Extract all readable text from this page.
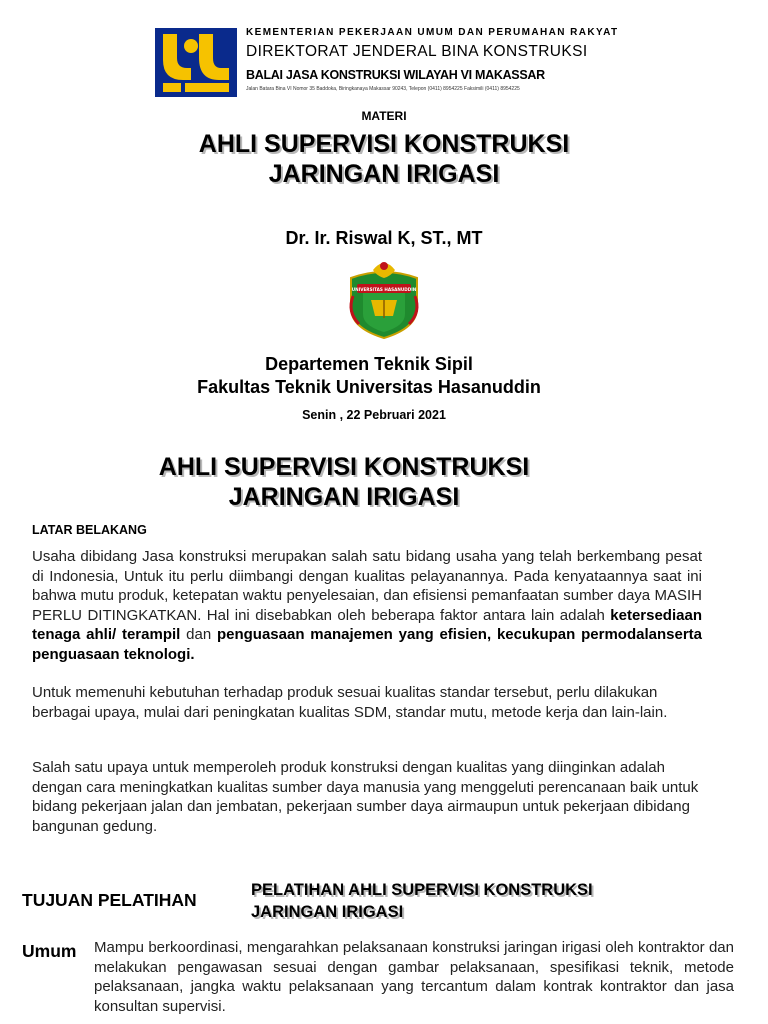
KEMENTERIAN PEKERJAAN UMUM DAN PERUMAHAN RAKYAT
DIREKTORAT JENDERAL BINA KONSTRUKSI
BALAI JASA KONSTRUKSI WILAYAH VI MAKASSAR
Jalan Batara Bina VI Nomor 35 Baddoka, Biringkanaya Makassar 90243, Telepon (0411) 8954225 Faksimili (0411) 8954225
MATERI
AHLI SUPERVISI KONSTRUKSI
JARINGAN IRIGASI
Dr. Ir. Riswal K, ST., MT
UNIVERSITAS HASANUDDIN
Departemen Teknik Sipil
Fakultas Teknik Universitas Hasanuddin
Senin , 22 Pebruari 2021
AHLI SUPERVISI KONSTRUKSI
JARINGAN IRIGASI
LATAR BELAKANG
Usaha dibidang Jasa konstruksi merupakan salah satu bidang usaha yang telah berkembang pesat di Indonesia, Untuk itu perlu diimbangi dengan kualitas pelayanannya. Pada kenyataannya saat ini bahwa mutu produk, ketepatan waktu penyelesaian, dan efisiensi pemanfaatan sumber daya MASIH PERLU DITINGKATKAN. Hal ini disebabkan oleh beberapa faktor antara lain adalah ketersediaan tenaga ahli/ terampil dan penguasaan manajemen yang efisien, kecukupan permodalanserta penguasaan teknologi.
Untuk memenuhi kebutuhan terhadap produk sesuai kualitas standar tersebut, perlu dilakukan berbagai upaya, mulai dari peningkatan kualitas SDM, standar mutu, metode kerja dan lain-lain.
Salah satu upaya untuk memperoleh produk konstruksi dengan kualitas yang diinginkan adalah dengan cara meningkatkan kualitas sumber daya manusia yang menggeluti perencanaan baik untuk bidang pekerjaan jalan dan jembatan, pekerjaan sumber daya airmaupun untuk pekerjaan dibidang bangunan gedung.
TUJUAN PELATIHAN	PELATIHAN AHLI SUPERVISI KONSTRUKSI
JARINGAN IRIGASI
Umum Mampu berkoordinasi, mengarahkan pelaksanaan konstruksi jaringan irigasi oleh kontraktor dan melakukan pengawasan sesuai dengan gambar pelaksanaan, spesifikasi teknik, metode pelaksanaan, jangka waktu pelaksanaan yang tercantum dalam kontrak kontraktor dan jasa konsultan supervisi.
